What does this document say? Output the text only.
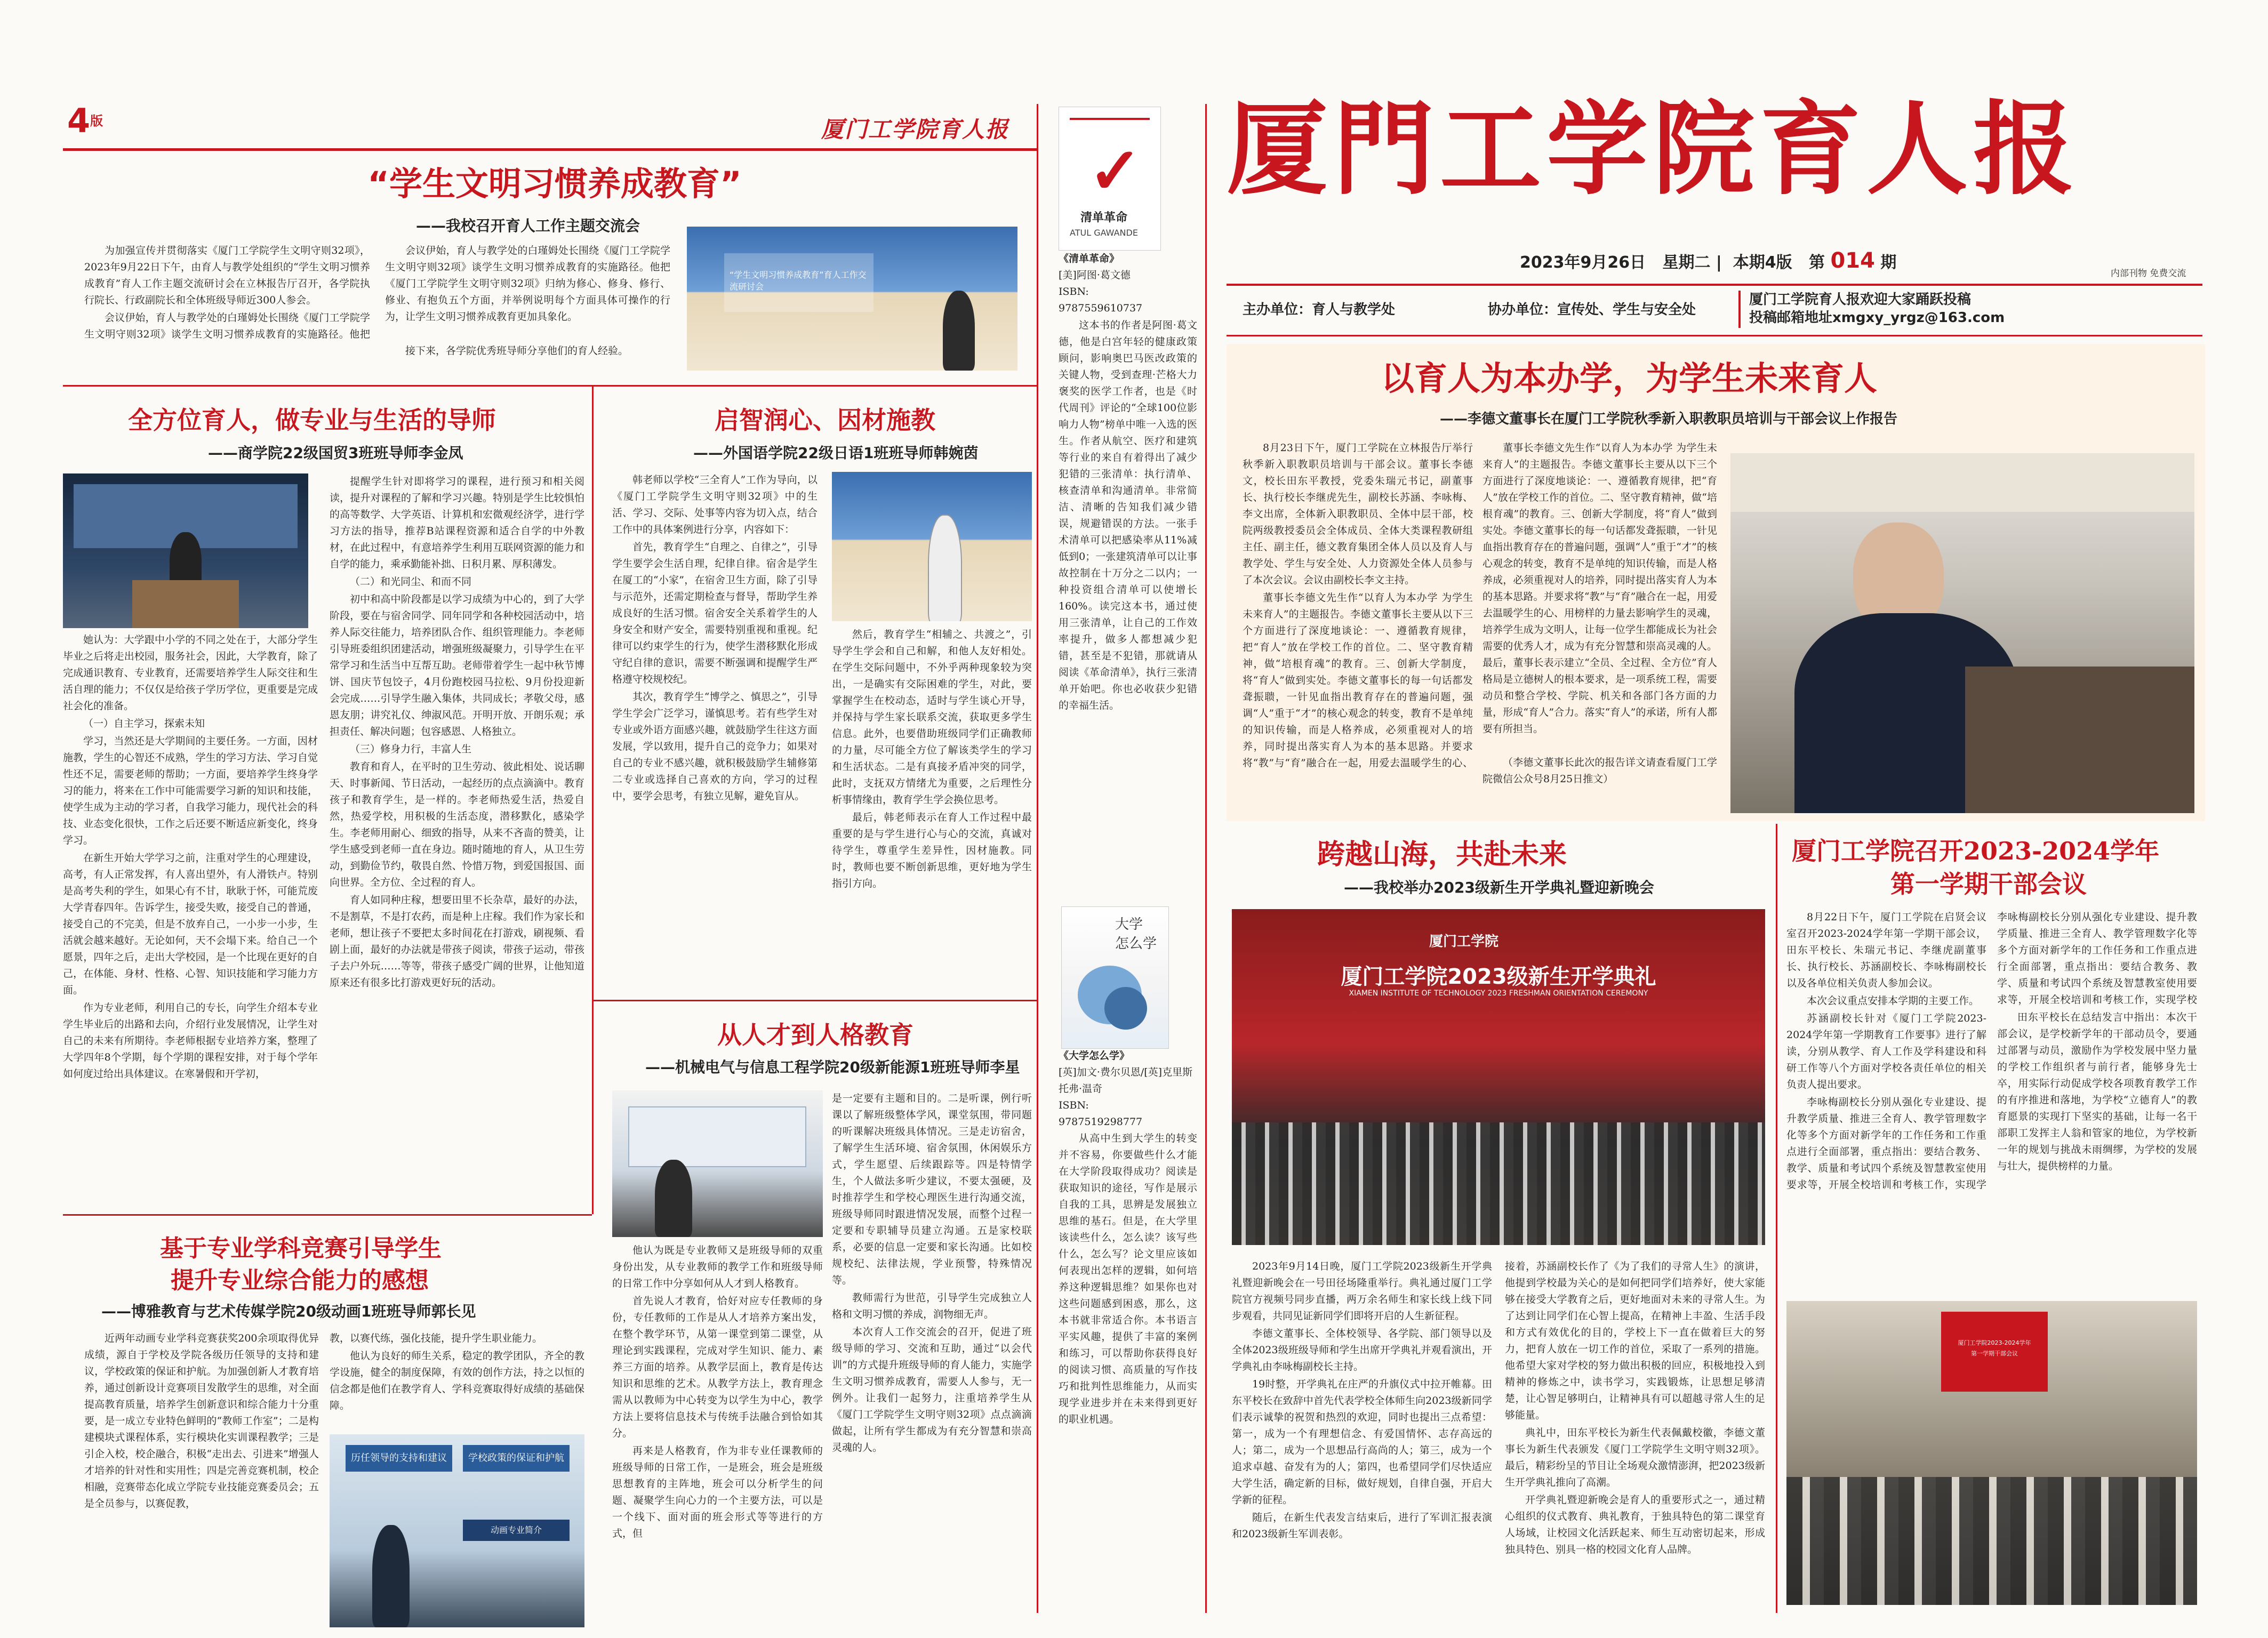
$4^版$	厦门工学院育人报 厦門工学院育人报
2023年9月26日 星期二 |  本期4版 第 014 期
内部刊物 免费交流
主办单位：育人与教学处	协办单位：宣传处、学生与安全处
厦门工学院育人报欢迎大家踊跃投稿
投稿邮箱地址xmgxy_yrgz@163.com
“学生文明习惯养成教育”
——我校召开育人工作主题交流会

为加强宣传并贯彻落实《厦门工学院学生文明守则32项》，2023年9月22日下午，由育人与教学处组织的“学生文明习惯养成教育”育人工作主题交流研讨会在立林报告厅召开，各学院执行院长、行政副院长和全体班级导师近300人参会。

会议伊始，育人与教学处的白瑾姆处长围绕《厦门工学院学生文明守则32项》谈学生文明习惯养成教育的实施路径。他把

会议伊始，育人与教学处的白瑾姆处长围绕《厦门工学院学生文明守则32项》谈学生文明习惯养成教育的实施路径。他把《厦门工学院学生文明守则32项》归纳为修心、修身、修行、修业、有抱负五个方面，并举例说明每个方面具体可操作的行为，让学生文明习惯养成教育更加具象化。

接下来，各学院优秀班导师分享他们的育人经验。

“学生文明习惯养成教育”育人工作交流研讨会
全方位育人，做专业与生活的导师
——商学院22级国贸3班班导师李金凤

她认为：大学跟中小学的不同之处在于，大部分学生毕业之后将走出校园，服务社会，因此，大学教育，除了完成通识教育、专业教育，还需要培养学生人际交往和生活自理的能力；不仅仅是给孩子学历学位，更重要是完成社会化的准备。

（一）自主学习，探索未知

学习，当然还是大学期间的主要任务。一方面，因材施教，学生的心智还不成熟，学生的学习方法、学习自觉性还不足，需要老师的帮助；一方面，要培养学生终身学习的能力，将来在工作中可能需要学习新的知识和技能，使学生成为主动的学习者，自我学习能力，现代社会的科技、业态变化很快，工作之后还要不断适应新变化，终身学习。

在新生开始大学学习之前，注重对学生的心理建设，高考，有人正常发挥，有人喜出望外，有人滑铁卢。特别是高考失利的学生，如果心有不甘，耿耿于怀，可能荒废大学青春四年。告诉学生，接受失败，接受自己的普通，接受自己的不完美，但是不放弃自己，一小步一小步，生活就会越来越好。无论如何，天不会塌下来。给自己一个愿景，四年之后，走出大学校园，是一个比现在更好的自己，在体能、身材、性格、心智、知识技能和学习能力方面。

作为专业老师，利用自己的专长，向学生介绍本专业学生毕业后的出路和去向，介绍行业发展情况，让学生对自己的未来有所期待。李老师根据专业培养方案，整理了大学四年8个学期，每个学期的课程安排，对于每个学年如何度过给出具体建议。在寒暑假和开学初，

提醒学生针对即将学习的课程，进行预习和相关阅读，提升对课程的了解和学习兴趣。特别是学生比较惧怕的高等数学、大学英语、计算机和宏微观经济学，进行学习方法的指导，推荐B站课程资源和适合自学的中外教材，在此过程中，有意培养学生利用互联网资源的能力和自学的能力，乘承勤能补拙、日积月累、厚积薄发。

（二）和光同尘、和而不同

初中和高中阶段都是以学习成绩为中心的，到了大学阶段，要在与宿舍同学、同年同学和各种校园活动中，培养人际交往能力，培养团队合作、组织管理能力。李老师引导班委组织团建活动，增强班级凝聚力，引导学生在平常学习和生活当中互帮互助。老师带着学生一起中秋节博饼、国庆节包饺子，4月份跑校园马拉松、9月份投迎新会完成……引导学生融入集体，共同成长；孝敬父母，感恩友朋；讲究礼仪、绅淑风范。开明开放、开朗乐观；承担责任、解决问题；包容感恩、人格独立。

（三）修身力行，丰富人生

教育和育人，在平时的卫生劳动、彼此相处、说话聊天、时事新闻、节日活动，一起经历的点点滴滴中。教育孩子和教育学生，是一样的。李老师热爱生活，热爱自然，热爱学校，用积极的生活态度，潜移默化，感染学生。李老师用耐心、细致的指导，从来不吝啬的赞美，让学生感受到老师一直在身边。随时随地的育人，从卫生劳动，到勤俭节约，敬畏自然、怜惜万物，到爱国报国、面向世界。全方位、全过程的育人。

育人如同种庄稼，想要田里不长杂草，最好的办法，不是割草，不是打农药，而是种上庄稼。我们作为家长和老师，想让孩子不要把太多时间花在打游戏，刷视频、看剧上面，最好的办法就是带孩子阅读，带孩子运动，带孩子去户外玩……等等，带孩子感受广阔的世界，让他知道原来还有很多比打游戏更好玩的活动。

基于专业学科竞赛引导学生
提升专业综合能力的感想
——博雅教育与艺术传媒学院20级动画1班班导师郭长见

近两年动画专业学科竞赛获奖200余项取得优异成绩，源自于学校及学院各级历任领导的支持和建议，学校政策的保证和护航。为加强创新人才教育培养，通过创新设计竞赛项目发散学生的思维，对全面提高教育质量，培养学生创新意识和综合能力十分重要，是一成立专业特色鲜明的“教师工作室”；二是构建模块式课程体系，实行模块化实训课程教学；三是引企入校，校企融合，积极“走出去、引进来”增强人才培养的针对性和实用性；四是完善竞赛机制，校企相融，竞赛带态化成立学院专业技能竞赛委员会；五是全员参与，以赛促教，

教，以赛代练，强化技能，提升学生职业能力。

他认为良好的师生关系，稳定的教学团队，齐全的教学设施，健全的制度保障，有效的创作方法，持之以恒的信念都是他们在教学育人、学科竞赛取得好成绩的基础保障。

历任领导的支持和建议	学校政策的保证和护航
动画专业简介
启智润心、因材施教
——外国语学院22级日语1班班导师韩婉茵

韩老师以学校“三全育人”工作为导向，以《厦门工学院学生文明守则32项》中的生活、学习、交际、处事等内容为切入点，结合工作中的具体案例进行分享，内容如下：

首先，教育学生“自理之、自律之”，引导学生要学会生活自理，纪律自律。宿舍是学生在厦工的“小家”，在宿舍卫生方面，除了引导与示范外，还需定期检查与督导，帮助学生养成良好的生活习惯。宿舍安全关系着学生的人身安全和财产安全，需要特别重视和重视。纪律可以约束学生的行为，使学生潜移默化形成守纪自律的意识，需要不断强调和提醒学生严格遵守校规校纪。

其次，教育学生“博学之、慎思之”，引导学生学会广泛学习，谨慎思考。若有些学生对专业或外语方面感兴趣，就鼓励学生往这方面发展，学以致用，提升自己的竞争力；如果对自己的专业不感兴趣，就积极鼓励学生辅修第二专业或选择自己喜欢的方向，学习的过程中，要学会思考，有独立见解，避免盲从。

然后，教育学生“相辅之、共渡之”，引导学生学会和自己和解，和他人友好相处。在学生交际问题中，不外乎两种现象较为突出，一是确实有交际困难的学生，对此，要掌握学生在校动态，适时与学生谈心开导，并保持与学生家长联系交流，获取更多学生信息。此外，也要借助班级同学们正确教师的力量，尽可能全方位了解该类学生的学习和生活状态。二是有真接矛盾冲突的同学，此时，支抚双方情绪尤为重要，之后理性分析事情缘由，教育学生学会换位思考。

最后，韩老师表示在育人工作过程中最重要的是与学生进行心与心的交流，真诚对待学生，尊重学生差异性，因材施教。同时，教师也要不断创新思维，更好地为学生指引方向。

从人才到人格教育
——机械电气与信息工程学院20级新能源1班班导师李星

他认为既是专业教师又是班级导师的双重身份出发，从专业教师的教学工作和班级导师的日常工作中分享如何从人才到人格教育。

首先说人才教育，恰好对应专任教师的身份，专任教师的工作是从人才培养方案出发，在整个教学环节，从第一课堂到第二课堂，从理论到实践课程，完成对学生知识、能力、素养三方面的培养。从教学层面上，教育是传达知识和思维的艺术。从教学方法上，教育理念需从以教师为中心转变为以学生为中心，教学方法上要将信息技术与传统手法融合到恰如其分。

再来是人格教育，作为非专业任课教师的班级导师的日常工作，一是班会，班会是班级思想教育的主阵地，班会可以分析学生的问题、凝聚学生向心力的一个主要方法，可以是一个线下、面对面的班会形式等等进行的方式，但

是一定要有主题和目的。二是听课，例行听课以了解班级整体学风，课堂氛围，带同题的听课解决班级具体情况。三是走访宿舍，了解学生生活环境、宿舍氛围，休闲娱乐方式，学生愿望、后续跟踪等。四是特情学生，个人做法多听少建议，不要太强硬，及时推荐学生和学校心理医生进行沟通交流，班级导师同时跟进情况发展，而整个过程一定要和专职辅导员建立沟通。五是家校联系，必要的信息一定要和家长沟通。比如校规校纪、法律法规，学业预警，特殊情况等。

教师需行为世范，引导学生完成独立人格和文明习惯的养成，润物细无声。

本次育人工作交流会的召开，促进了班级导师的学习、交流和互助，通过“以会代训”的方式提升班级导师的育人能力，实施学生文明习惯养成教育，需要人人参与，无一例外。让我们一起努力，注重培养学生从《厦门工学院学生文明守则32项》点点滴滴做起，让所有学生都成为有充分智慧和崇高灵魂的人。

✓
清单革命
ATUL GAWANDE
《清单革命》
[美]阿图·葛文德
ISBN:
9787559610737

这本书的作者是阿图·葛文德，他是白宫年轻的健康政策顾问，影响奥巴马医改政策的关键人物，受到查理·芒格大力褒奖的医学工作者，也是《时代周刊》评论的“全球100位影响力人物”榜单中唯一入选的医生。作者从航空、医疗和建筑等行业的来自有着得出了减少犯错的三张清单：执行清单、核查清单和沟通清单。非常简洁、清晰的告知我们减少错误，规避错误的方法。一张手术清单可以把感染率从11%减低到0；一张建筑清单可以让事故控制在十万分之二以内；一种投资组合清单可以使增长160%。读完这本书，通过使用三张清单，让自己的工作效率提升，做多人都想减少犯错，甚至是不犯错，那就请从阅读《革命清单》，执行三张清单开始吧。你也必收获少犯错的幸福生活。

大学
怎么学
《大学怎么学》
[英]加文·费尔贝恩/[英]克里斯托弗·温奇
ISBN:
9787519298777

从高中生到大学生的转变并不容易，你要做些什么才能在大学阶段取得成功？阅读是获取知识的途径，写作是展示自我的工具，思辨是发展独立思维的基石。但是，在大学里该读些什么，怎么读？该写些什么，怎么写？论文里应该如何表现出怎样的逻辑，如何培养这种逻辑思维？如果你也对这些问题感到困惑，那么，这本书就非常适合你。本书语言平实风趣，提供了丰富的案例和练习，可以帮助你获得良好的阅读习惯、高质量的写作技巧和批判性思维能力，从而实现学业进步并在未来得到更好的职业机遇。

以育人为本办学，为学生未来育人
——李德文董事长在厦门工学院秋季新入职教职员培训与干部会议上作报告

8月23日下午，厦门工学院在立林报告厅举行秋季新入职教职员培训与干部会议。董事长李德文，校长田东平教授，党委朱瑞元书记，副董事长、执行校长李继虎先生，副校长苏涵、李咏梅、李文出席，全体新入职教职员、全体中层干部，校院两级教授委员会全体成员、全体大类课程教研组主任、副主任，德文教育集团全体人员以及育人与教学处、学生与安全处、人力资源处全体人员参与了本次会议。会议由副校长李文主持。

董事长李德文先生作“以育人为本办学 为学生未来育人”的主题报告。李德文董事长主要从以下三个方面进行了深度地谈论：一、遵循教育规律，把“育人”放在学校工作的首位。二、坚守教育精神，做“培根育魂”的教育。三、创新大学制度，将“育人”做到实处。李德文董事长的每一句话都发聋振聩，一针见血指出教育存在的普遍问题，强调“人”重于“才”的核心观念的转变，教育不是单纯的知识传输，而是人格养成，必须重视对人的培养，同时提出落实育人为本的基本思路。并要求将“教”与“育”融合在一起，用爱去温暖学生的心、

董事长李德文先生作“以育人为本办学 为学生未来育人”的主题报告。李德文董事长主要从以下三个方面进行了深度地谈论：一、遵循教育规律，把“育人”放在学校工作的首位。二、坚守教育精神，做“培根育魂”的教育。三、创新大学制度，将“育人”做到实处。李德文董事长的每一句话都发聋振聩，一针见血指出教育存在的普遍问题，强调“人”重于“才”的核心观念的转变，教育不是单纯的知识传输，而是人格养成，必须重视对人的培养，同时提出落实育人为本的基本思路。并要求将“教”与“育”融合在一起，用爱去温暖学生的心、用榜样的力量去影响学生的灵魂，培养学生成为文明人，让每一位学生都能成长为社会需要的优秀人才，成为有充分智慧和崇高灵魂的人。最后，董事长表示建立“全员、全过程、全方位”育人格局是立德树人的根本要求，是一项系统工程，需要动员和整合学校、学院、机关和各部门各方面的力量，形成“育人”合力。落实“育人”的承诺，所有人都要有所担当。

（李德文董事长此次的报告详文请查看厦门工学院微信公众号8月25日推文）

跨越山海，共赴未来
——我校举办2023级新生开学典礼暨迎新晚会
厦门工学院
厦门工学院2023级新生开学典礼
XIAMEN INSTITUTE OF TECHNOLOGY 2023 FRESHMAN ORIENTATION CEREMONY

2023年9月14日晚，厦门工学院2023级新生开学典礼暨迎新晚会在一号田径场隆重举行。典礼通过厦门工学院官方视频号同步直播，两万余名师生和家长线上线下同步观看，共同见证新同学们即将开启的人生新征程。

李德文董事长、全体校领导、各学院、部门领导以及全体2023级班级导师和学生出席开学典礼并观看演出，开学典礼由李咏梅副校长主持。

19时整，开学典礼在庄严的升旗仪式中拉开帷幕。田东平校长在致辞中首先代表学校全体师生向2023级新同学们表示诚挚的祝贺和热烈的欢迎，同时也提出三点希望：第一，成为一个有理想信念、有爱国情怀、志存高远的人；第二，成为一个思想品行高尚的人；第三，成为一个追求卓越、奋发有为的人；第四，也希望同学们尽快适应大学生活，确定新的目标，做好规划，自律自强，开启大学新的征程。

随后，在新生代表发言结束后，进行了军训汇报表演和2023级新生军训表彰。

接着，苏涵副校长作了《为了我们的寻常人生》的演讲，他提到学校最为关心的是如何把同学们培养好，使大家能够在接受大学教育之后，更好地面对未来的寻常人生。为了达到让同学们在心智上提高，在精神上丰盈、生活手段和方式有效优化的目的，学校上下一直在做着巨大的努力，把育人放在一切工作的首位，采取了一系列的措施。他希望大家对学校的努力做出积极的回应，积极地投入到精神的修炼之中，读书学习，实践锻炼，让思想足够清楚，让心智足够明白，让精神具有可以超越寻常人生的足够能量。

典礼中，田东平校长为新生代表佩戴校徽，李德文董事长为新生代表颁发《厦门工学院学生文明守则32项》。最后，精彩纷呈的节目让全场观众激情澎湃，把2023级新生开学典礼推向了高潮。

开学典礼暨迎新晚会是育人的重要形式之一，通过精心组织的仪式教育、典礼教育，于独具特色的第二课堂育人场域，让校园文化活跃起来、师生互动密切起来，形成独具特色、别具一格的校园文化育人品牌。

厦门工学院召开2023-2024学年
第一学期干部会议

8月22日下午，厦门工学院在启贤会议室召开2023-2024学年第一学期干部会议，田东平校长、朱瑞元书记、李继虎副董事长、执行校长、苏涵副校长、李咏梅副校长以及各单位相关负责人参加会议。

本次会议重点安排本学期的主要工作。

苏涵副校长针对《厦门工学院2023-2024学年第一学期教育工作要事》进行了解读，分别从教学、育人工作及学科建设和科研工作等八个方面对学校各责任单位的相关负责人提出要求。

李咏梅副校长分别从强化专业建设、提升教学质量、推进三全育人、教学管理数字化等多个方面对新学年的工作任务和工作重点进行全面部署，重点指出：要结合教务、教学、质量和考试四个系统及智慧教室使用要求等，开展全校培训和考核工作，实现学

李咏梅副校长分别从强化专业建设、提升教学质量、推进三全育人、教学管理数字化等多个方面对新学年的工作任务和工作重点进行全面部署，重点指出：要结合教务、教学、质量和考试四个系统及智慧教室使用要求等，开展全校培训和考核工作，实现学校

田东平校长在总结发言中指出：本次干部会议，是学校新学年的干部动员令，要通过部署与动员，激励作为学校发展中坚力量的学校工作组织者与前行者，能够身先士卒，用实际行动促成学校各项教育教学工作的有序推进和落地，为学校“立德育人”的教育愿景的实现打下坚实的基础，让每一名干部职工发挥主人翁和管家的地位，为学校新一年的规划与挑战未雨绸缪，为学校的发展与壮大，提供榜样的力量。

厦门工学院2023-2024学年
第一学期干部会议
